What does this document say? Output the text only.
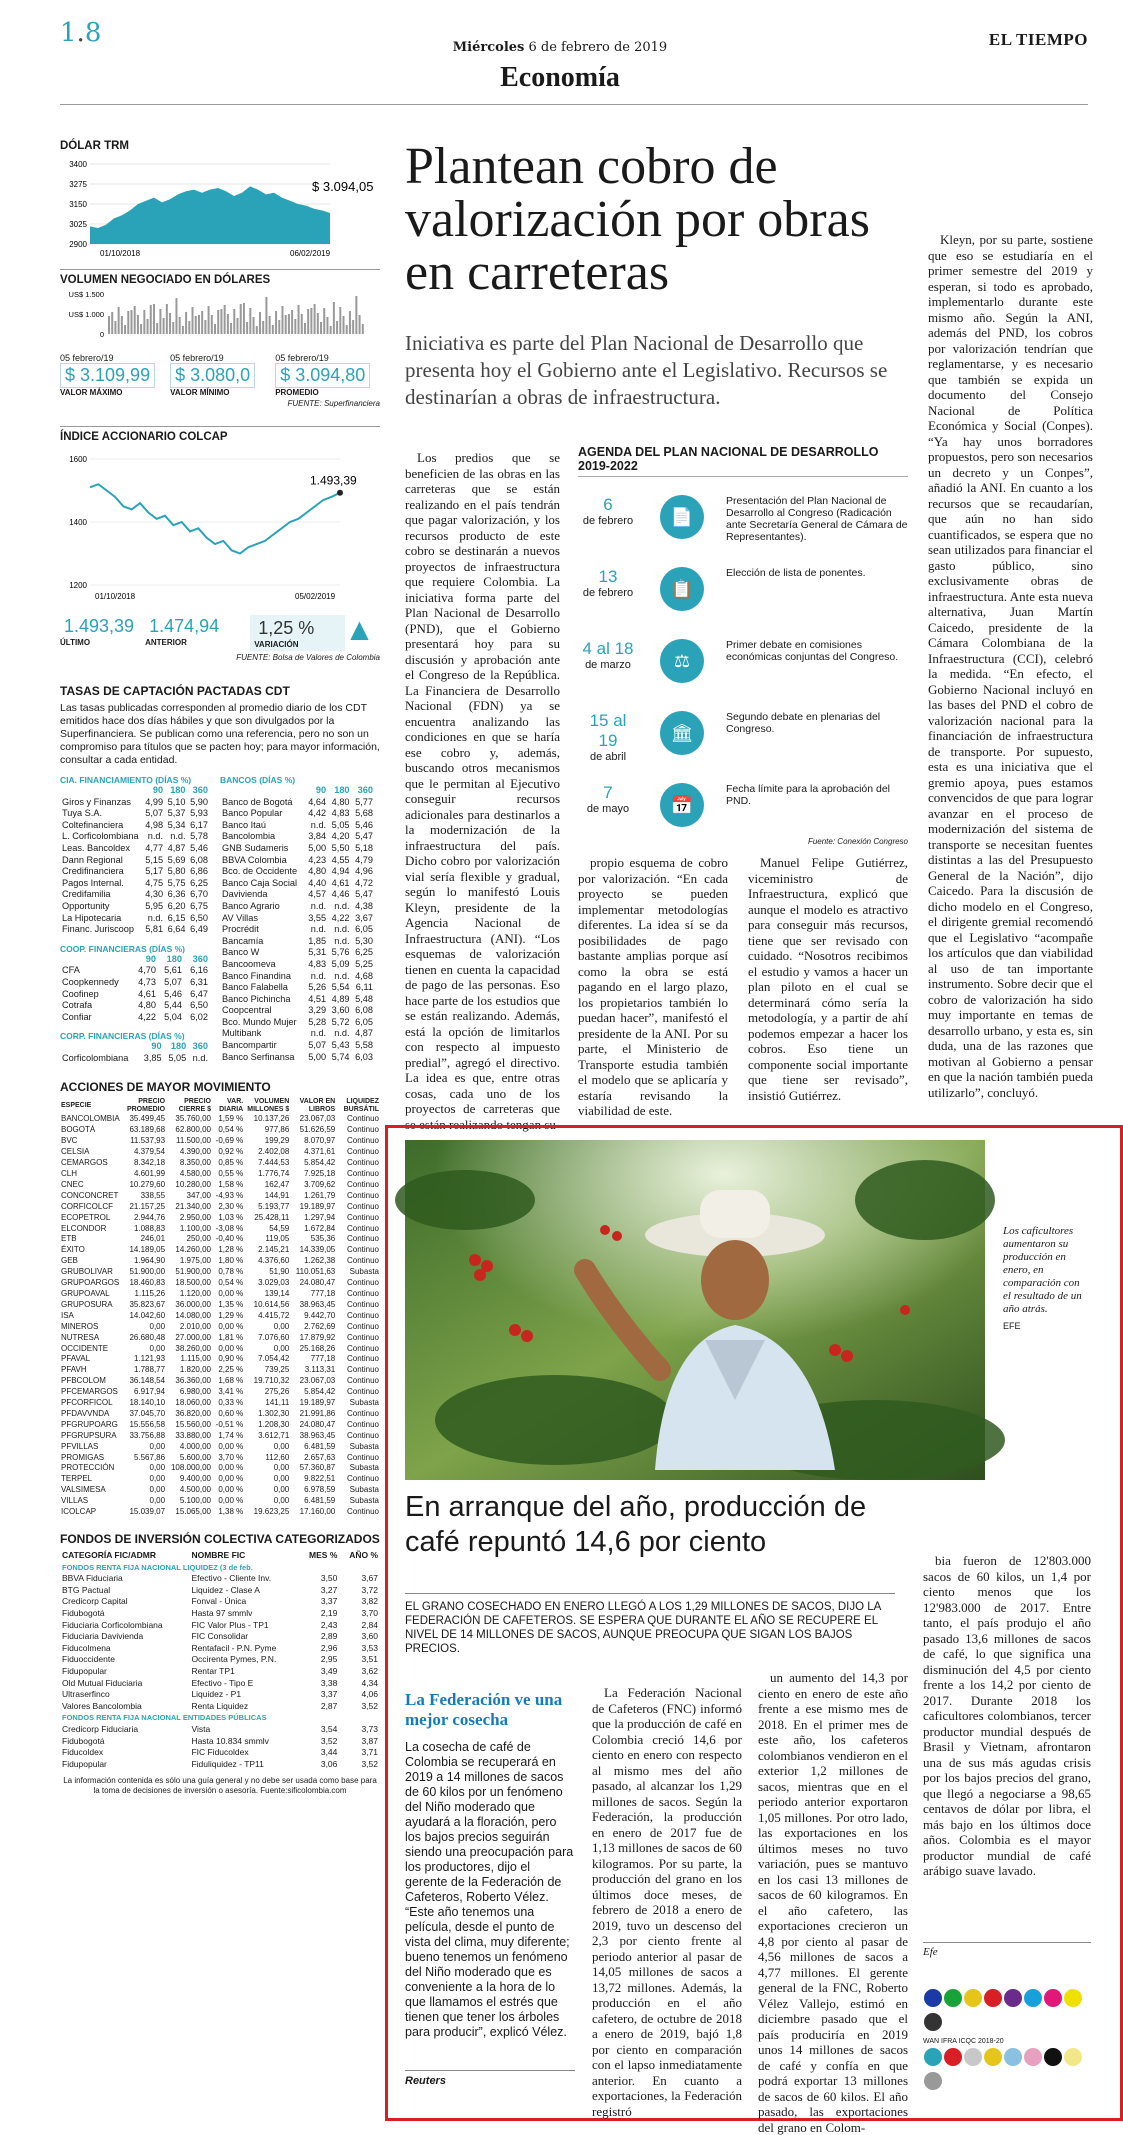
1.8	Miércoles 6 de febrero de 2019	EL TIEMPO
Economía
DÓLAR TRM
3400
3275
3150
3025
2900
$ 3.094,05
01/10/2018	06/02/2019
VOLUMEN NEGOCIADO EN DÓLARES
US$ 1.500
US$ 1.000
0
05 febrero/19
$ 3.109,99
VALOR MÁXIMO

05 febrero/19
$ 3.080,0
VALOR MÍNIMO

05 febrero/19
$ 3.094,80
PROMEDIO
FUENTE: Superfinanciera
ÍNDICE ACCIONARIO COLCAP
1600
1400
1200
1.493,39
01/10/2018	05/02/2019
1.493,39
ÚLTIMO
1.474,94
ANTERIOR
1,25 %
VARIACIÓN
▲
FUENTE: Bolsa de Valores de Colombia
TASAS DE CAPTACIÓN PACTADAS CDT
Las tasas publicadas corresponden al promedio diario de los CDT emitidos hace dos días hábiles y que son divulgados por la Superfinanciera. Se publican como una referencia, pero no son un compromiso para títulos que se pacten hoy; para mayor información, consultar a cada entidad.
CIA. FINANCIAMIENTO (DÍAS %)
	90	180	360
Giros y Finanzas	4,99	5,10	5,90
Tuya S.A.	5,07	5,37	5,93
Coltefinanciera	4,98	5,34	6,17
L. Corficolombiana	n.d.	n.d.	5,78
Leas. Bancoldex	4,77	4,87	5,46
Dann Regional	5,15	5,69	6,08
Credifinanciera	5,17	5,80	6,86
Pagos Internal.	4,75	5,75	6,25
Credifamilia	4,30	6,36	6,70
Opportunity	5,95	6,20	6,75
La Hipotecaria	n.d.	6,15	6,50
Financ. Juriscoop	5,81	6,64	6,49
COOP. FINANCIERAS (DÍAS %)
	90	180	360
CFA	4,70	5,61	6,16
Coopkennedy	4,73	5,07	6,31
Coofinep	4,61	5,46	6,47
Cotrafa	4,80	5,44	6,50
Confiar	4,22	5,04	6,02
CORP. FINANCIERAS (DÍAS %)
	90	180	360
Corficolombiana	3,85	5,05	n.d.
BANCOS (DÍAS %)
	90	180	360
Banco de Bogotá	4,64	4,80	5,77
Banco Popular	4,42	4,83	5,68
Banco Itaú	n.d.	5,05	5,46
Bancolombia	3,84	4,20	5,47
GNB Sudameris	5,00	5,50	5,18
BBVA Colombia	4,23	4,55	4,79
Bco. de Occidente	4,80	4,94	4,96
Banco Caja Social	4,40	4,61	4,72
Davivienda	4,57	4,46	5,47
Banco Agrario	n.d.	n.d.	4,38
AV Villas	3,55	4,22	3,67
Procrédit	n.d.	n.d.	6,05
Bancamía	1,85	n.d.	5,30
Banco W	5,31	5,76	6,25
Bancoomeva	4,83	5,09	5,25
Banco Finandina	n.d.	n.d.	4,68
Banco Falabella	5,26	5,54	6,11
Banco Pichincha	4,51	4,89	5,48
Coopcentral	3,29	3,60	6,08
Bco. Mundo Mujer	5,28	5,72	6,05
Multibank	n.d.	n.d.	4,87
Bancompartir	5,07	5,43	5,58
Banco Serfinansa	5,00	5,74	6,03
ACCIONES DE MAYOR MOVIMIENTO
ESPECIE	PRECIO PROMEDIO	PRECIO CIERRE $	VAR. DIARIA	VOLUMEN MILLONES $	VALOR EN LIBROS	LIQUIDEZ BURSÁTIL
BANCOLOMBIA	35.499,45	35.760,00	1,59 %	10.137,26	23.067,03	Continuo
BOGOTÁ	63.189,68	62.800,00	0,54 %	977,86	51.626,59	Continuo
BVC	11.537,93	11.500,00	-0,69 %	199,29	8.070,97	Continuo
CELSIA	4.379,54	4.390,00	0,92 %	2.402,08	4.371,61	Continuo
CEMARGOS	8.342,18	8.350,00	0,85 %	7.444,53	5.854,42	Continuo
CLH	4.601,99	4.580,00	0,55 %	1.776,74	7.925,18	Continuo
CNEC	10.279,60	10.280,00	1,58 %	162,47	3.709,62	Continuo
CONCONCRET	338,55	347,00	-4,93 %	144,91	1.261,79	Continuo
CORFICOLCF	21.157,25	21.340,00	2,30 %	5.193,77	19.189,97	Continuo
ECOPETROL	2.944,76	2.950,00	1,03 %	25.428,11	1.297,94	Continuo
ELCONDOR	1.088,83	1.100,00	-3,08 %	54,59	1.672,84	Continuo
ETB	246,01	250,00	-0,40 %	119,05	535,36	Continuo
ÉXITO	14.189,05	14.260,00	1,28 %	2.145,21	14.339,05	Continuo
GEB	1.964,90	1.975,00	1,80 %	4.376,60	1.262,38	Continuo
GRUBOLIVAR	51.900,00	51.900,00	0,78 %	51,90	110.051,63	Subasta
GRUPOARGOS	18.460,83	18.500,00	0,54 %	3.029,03	24.080,47	Continuo
GRUPOAVAL	1.115,26	1.120,00	0,00 %	139,14	777,18	Continuo
GRUPOSURA	35.823,67	36.000,00	1,35 %	10.614,56	38.963,45	Continuo
ISA	14.042,60	14.080,00	1,29 %	4.415,72	9.442,70	Continuo
MINEROS	0,00	2.010,00	0,00 %	0,00	2.762,69	Continuo
NUTRESA	26.680,48	27.000,00	1,81 %	7.076,60	17.879,92	Continuo
OCCIDENTE	0,00	38.260,00	0,00 %	0,00	25.168,26	Continuo
PFAVAL	1.121,93	1.115,00	0,90 %	7.054,42	777,18	Continuo
PFAVH	1.788,77	1.820,00	2,25 %	739,25	3.113,31	Continuo
PFBCOLOM	36.148,54	36.360,00	1,68 %	19.710,32	23.067,03	Continuo
PFCEMARGOS	6.917,94	6.980,00	3,41 %	275,26	5.854,42	Continuo
PFCORFICOL	18.140,10	18.060,00	0,33 %	141,11	19.189,97	Subasta
PFDAVVNDA	37.045,70	36.820,00	0,60 %	1.302,30	21.991,86	Continuo
PFGRUPOARG	15.556,58	15.560,00	-0,51 %	1.208,30	24.080,47	Continuo
PFGRUPSURA	33.756,88	33.880,00	1,74 %	3.612,71	38.963,45	Continuo
PFVILLAS	0,00	4.000,00	0,00 %	0,00	6.481,59	Subasta
PROMIGAS	5.567,86	5.600,00	3,70 %	112,60	2.657,63	Continuo
PROTECCIÓN	0,00	108.000,00	0,00 %	0,00	57.360,87	Subasta
TERPEL	0,00	9.400,00	0,00 %	0,00	9.822,51	Continuo
VALSIMESA	0,00	4.500,00	0,00 %	0,00	6.978,59	Subasta
VILLAS	0,00	5.100,00	0,00 %	0,00	6.481,59	Subasta
ICOLCAP	15.039,07	15.065,00	1,38 %	19.623,25	17.160,00	Continuo
FONDOS DE INVERSIÓN COLECTIVA CATEGORIZADOS
CATEGORÍA FIC/ADMR	NOMBRE FIC	MES %	AÑO %
FONDOS RENTA FIJA NACIONAL LIQUIDEZ (3 de feb.			
BBVA Fiduciaria	Efectivo - Cliente Inv.	3,50	3,67
BTG Pactual	Liquidez - Clase A	3,27	3,72
Credicorp Capital	Fonval - Única	3,37	3,82
Fidubogotá	Hasta 97 smmlv	2,19	3,70
Fiduciaria Corficolombiana	FIC Valor Plus - TP1	2,43	2,84
Fiduciaria Davivienda	FIC Consolidar	2,89	3,60
Fiducolmena	Rentafacil - P.N. Pyme	2,96	3,53
Fiduoccidente	Occirenta Pymes, P.N.	2,95	3,51
Fidupopular	Rentar TP1	3,49	3,62
Old Mutual Fiduciaria	Efectivo - Tipo E	3,38	4,34
Ultraserfinco	Liquidez - P1	3,37	4,06
Valores Bancolombia	Renta Liquidez	2,87	3,52
FONDOS RENTA FIJA NACIONAL ENTIDADES PÚBLICAS			
Credicorp Fiduciaria	Vista	3,54	3,73
Fidubogotá	Hasta 10.834 smmlv	3,52	3,87
Fiducoldex	FIC Fiducoldex	3,44	3,71
Fidupopular	Fiduliquidez - TP11	3,06	3,52
La información contenida es sólo una guía general y no debe ser usada como base para la toma de decisiones de inversión o asesoría. Fuente:sificolombia.com
Plantean cobro de valorización por obras en carreteras
Iniciativa es parte del Plan Nacional de Desarrollo que presenta hoy el Gobierno ante el Legislativo. Recursos se destinarían a obras de infraestructura.

Los predios que se beneficien de las obras en las carreteras que se están realizando en el país tendrán que pagar valorización, y los recursos producto de este cobro se destinarán a nuevos proyectos de infraestructura que requiere Colombia. La iniciativa forma parte del Plan Nacional de Desarrollo (PND), que el Gobierno presentará hoy para su discusión y aprobación ante el Congreso de la República. La Financiera de Desarrollo Nacional (FDN) ya se encuentra analizando las condiciones en que se haría ese cobro y, además, buscando otros mecanismos que le permitan al Ejecutivo conseguir recursos adicionales para destinarlos a la modernización de la infraestructura del país. Dicho cobro por valorización vial sería flexible y gradual, según lo manifestó Louis Kleyn, presidente de la Agencia Nacional de Infraestructura (ANI). “Los esquemas de valorización tienen en cuenta la capacidad de pago de las personas. Eso hace parte de los estudios que se están realizando. Además, está la opción de limitarlos con respecto al impuesto predial”, agregó el directivo. La idea es que, entre otras cosas, cada uno de los proyectos de carreteras que se están realizando tengan su

propio esquema de cobro por valorización. “En cada proyecto se pueden implementar metodologías diferentes. La idea sí se da posibilidades de pago bastante amplias porque así como la obra se está pagando en el largo plazo, los propietarios también lo puedan hacer”, manifestó el presidente de la ANI. Por su parte, el Ministerio de Transporte estudia también el modelo que se aplicaría y estaría revisando la viabilidad de este.

Manuel Felipe Gutiérrez, viceministro de Infraestructura, explicó que aunque el modelo es atractivo para conseguir más recursos, tiene que ser revisado con cuidado. “Nosotros recibimos el estudio y vamos a hacer un plan piloto en el cual se determinará cómo sería la metodología, y a partir de ahí podemos empezar a hacer los cobros. Eso tiene un componente social importante que tiene ser revisado”, insistió Gutiérrez.

Kleyn, por su parte, sostiene que eso se estudiaría en el primer semestre del 2019 y esperan, si todo es aprobado, implementarlo durante este mismo año. Según la ANI, además del PND, los cobros por valorización tendrían que reglamentarse, y es necesario que también se expida un documento del Consejo Nacional de Política Económica y Social (Conpes). “Ya hay unos borradores propuestos, pero son necesarios un decreto y un Conpes”, añadió la ANI. En cuanto a los recursos que se recaudarían, que aún no han sido cuantificados, se espera que no sean utilizados para financiar el gasto público, sino exclusivamente obras de infraestructura. Ante esta nueva alternativa, Juan Martín Caicedo, presidente de la Cámara Colombiana de la Infraestructura (CCI), celebró la medida. “En efecto, el Gobierno Nacional incluyó en las bases del PND el cobro de valorización nacional para la financiación de infraestructura de transporte. Por supuesto, esta es una iniciativa que el gremio apoya, pues estamos convencidos de que para lograr avanzar en el proceso de modernización del sistema de transporte se necesitan fuentes distintas a las del Presupuesto General de la Nación”, dijo Caicedo. Para la discusión de dicho modelo en el Congreso, el dirigente gremial recomendó que el Legislativo “acompañe los artículos que dan viabilidad al uso de tan importante instrumento. Sobre decir que el cobro de valorización ha sido muy importante en temas de desarrollo urbano, y esta es, sin duda, una de las razones que motivan al Gobierno a pensar en que la nación también pueda utilizarlo”, concluyó.

AGENDA DEL PLAN NACIONAL DE DESARROLLO 2019-2022
6
de febrero	📄
Presentación del Plan Nacional de Desarrollo al Congreso (Radicación ante Secretaría General de Cámara de Representantes).
13
de febrero	📋
Elección de lista de ponentes.
4 al 18
de marzo	⚖
Primer debate en comisiones económicas conjuntas del Congreso.
15 al 19
de abril
🏛
Segundo debate en plenarias del Congreso.
7
de mayo	📅
Fecha límite para la aprobación del PND.
Fuente: Conexión Congreso
Los caficultores aumentaron su producción en enero, en comparación con el resultado de un año atrás.
EFE
En arranque del año, producción de café repuntó 14,6 por ciento
EL GRANO COSECHADO EN ENERO LLEGÓ A LOS 1,29 MILLONES DE SACOS, DIJO LA FEDERACIÓN DE CAFETEROS. SE ESPERA QUE DURANTE EL AÑO SE RECUPERE EL NIVEL DE 14 MILLONES DE SACOS, AUNQUE PREOCUPA QUE SIGAN LOS BAJOS PRECIOS.
La Federación ve una mejor cosecha

La cosecha de café de Colombia se recuperará en 2019 a 14 millones de sacos de 60 kilos por un fenómeno del Niño moderado que ayudará a la floración, pero los bajos precios seguirán siendo una preocupación para los productores, dijo el gerente de la Federación de Cafeteros, Roberto Vélez. “Este año tenemos una película, desde el punto de vista del clima, muy diferente; bueno tenemos un fenómeno del Niño moderado que es conveniente a la hora de lo que llamamos el estrés que tienen que tener los árboles para producir”, explicó Vélez.

Reuters

La Federación Nacional de Cafeteros (FNC) informó que la producción de café en Colombia creció 14,6 por ciento en enero con respecto al mismo mes del año pasado, al alcanzar los 1,29 millones de sacos. Según la Federación, la producción en enero de 2017 fue de 1,13 millones de sacos de 60 kilogramos. Por su parte, la producción del grano en los últimos doce meses, de febrero de 2018 a enero de 2019, tuvo un descenso del 2,3 por ciento frente al periodo anterior al pasar de 14,05 millones de sacos a 13,72 millones. Además, la producción en el año cafetero, de octubre de 2018 a enero de 2019, bajó 1,8 por ciento en comparación con el lapso inmediatamente anterior. En cuanto a exportaciones, la Federación registró

un aumento del 14,3 por ciento en enero de este año frente a ese mismo mes de 2018. En el primer mes de este año, los cafeteros colombianos vendieron en el exterior 1,2 millones de sacos, mientras que en el periodo anterior exportaron 1,05 millones. Por otro lado, las exportaciones en los últimos meses no tuvo variación, pues se mantuvo en los casi 13 millones de sacos de 60 kilogramos. En el año cafetero, las exportaciones crecieron un 4,8 por ciento al pasar de 4,56 millones de sacos a 4,77 millones. El gerente general de la FNC, Roberto Vélez Vallejo, estimó en diciembre pasado que el país produciría en 2019 unos 14 millones de sacos de café y confía en que podrá exportar 13 millones de sacos de 60 kilos. El año pasado, las exportaciones del grano en Colom-

bia fueron de 12'803.000 sacos de 60 kilos, un 1,4 por ciento menos que los 12'983.000 de 2017. Entre tanto, el país produjo el año pasado 13,6 millones de sacos de café, lo que significa una disminución del 4,5 por ciento frente a los 14,2 por ciento de 2017. Durante 2018 los caficultores colombianos, tercer productor mundial después de Brasil y Vietnam, afrontaron una de sus más agudas crisis por los bajos precios del grano, que llegó a negociarse a 98,65 centavos de dólar por libra, el más bajo en los últimos doce años. Colombia es el mayor productor mundial de café arábigo suave lavado.

Efe
WAN IFRA ICQC 2018-20
